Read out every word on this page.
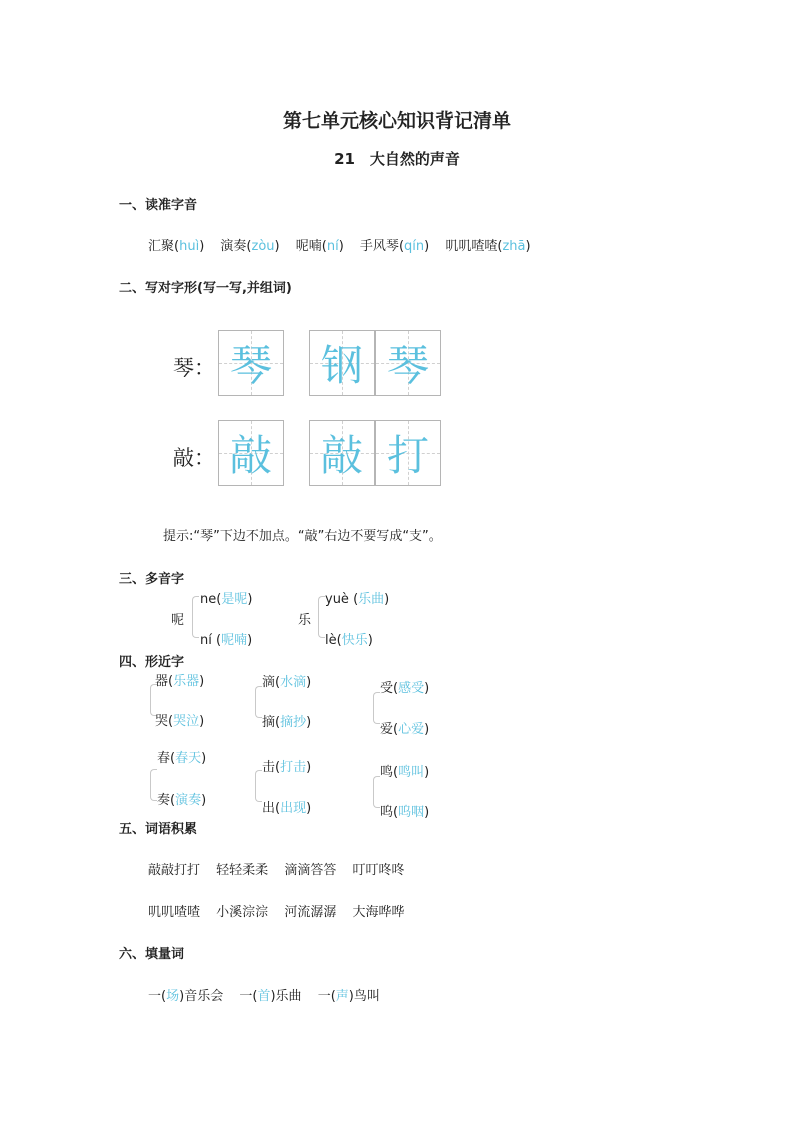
第七单元核心知识背记清单
21　大自然的声音
一、读准字音
汇聚(huì) 演奏(zòu) 呢喃(ní) 手风琴(qín) 叽叽喳喳(zhā)
二、写对字形(写一写,并组词)
琴： 琴 钢 琴
敲： 敲 敲 打
提示:“琴”下边不加点。“敲”右边不要写成“支”。
三、多音字
呢
ne(是呢)
ní (呢喃)
乐
yuè (乐曲)
lè(快乐)
四、形近字
器(乐器)
哭(哭泣)
滴(水滴)
摘(摘抄)
受(感受)
爱(心爱)
春(春天)
奏(演奏)
击(打击)
出(出现)
鸣(鸣叫)
呜(呜咽)
五、词语积累
敲敲打打 轻轻柔柔 滴滴答答 叮叮咚咚
叽叽喳喳 小溪淙淙 河流潺潺 大海哗哗
六、填量词
一(场)音乐会 一(首)乐曲 一(声)鸟叫
